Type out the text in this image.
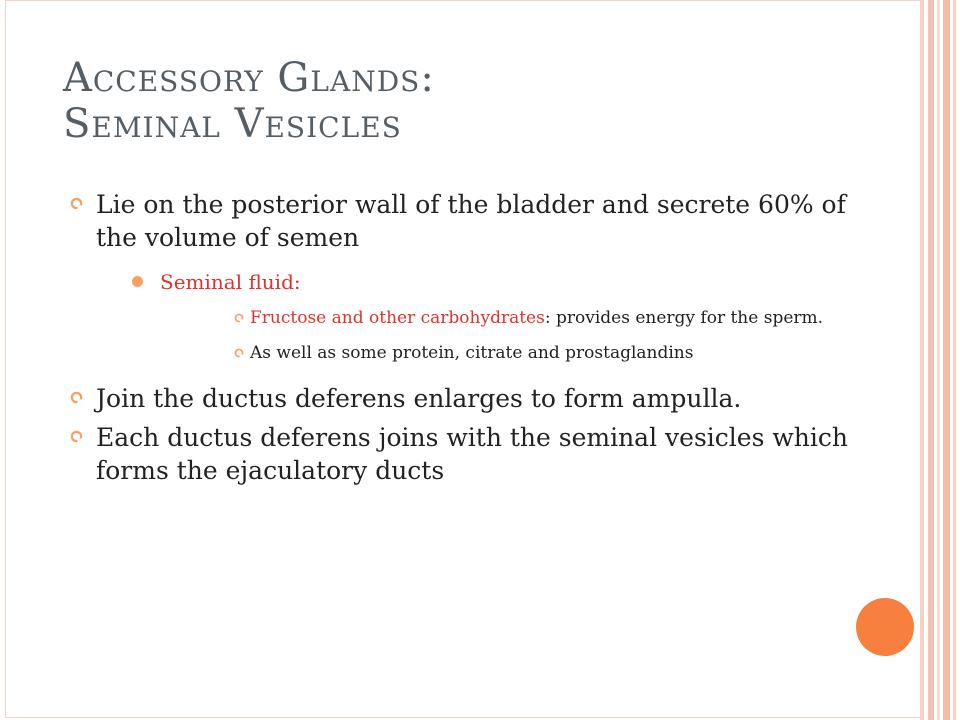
Accessory Glands:
Seminal Vesicles
Lie on the posterior wall of the bladder and secrete 60% of the volume of semen
Seminal fluid:
Fructose and other carbohydrates: provides energy for the sperm.
As well as some protein, citrate and prostaglandins
Join the ductus deferens enlarges to form ampulla.
Each ductus deferens joins with the seminal vesicles which forms the ejaculatory ducts
